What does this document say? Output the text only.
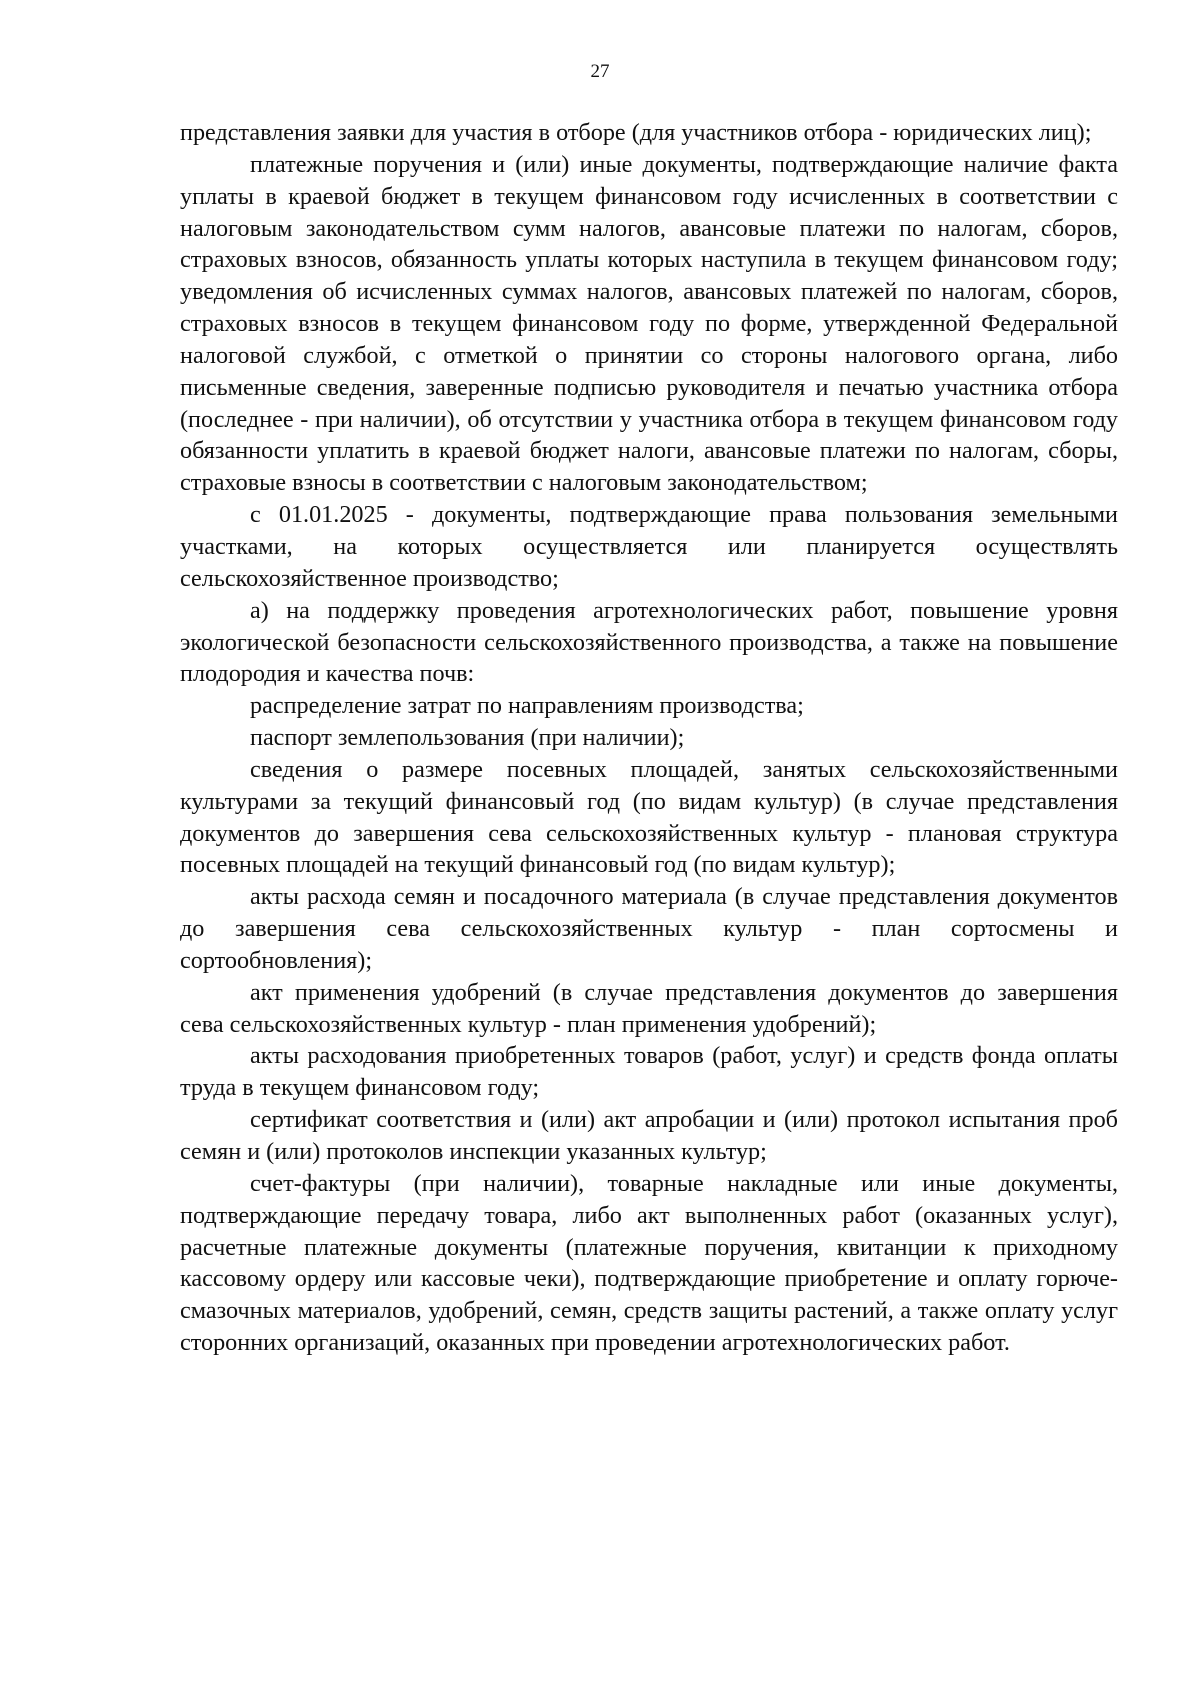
27

представления заявки для участия в отборе (для участников отбора - юридических лиц);

платежные поручения и (или) иные документы, подтверждающие наличие факта уплаты в краевой бюджет в текущем финансовом году исчисленных в соответствии с налоговым законодательством сумм налогов, авансовые платежи по налогам, сборов, страховых взносов, обязанность уплаты которых наступила в текущем финансовом году; уведомления об исчисленных суммах налогов, авансовых платежей по налогам, сборов, страховых взносов в текущем финансовом году по форме, утвержденной Федеральной налоговой службой, с отметкой о принятии со стороны налогового органа, либо письменные сведения, заверенные подписью руководителя и печатью участника отбора (последнее - при наличии), об отсутствии у участника отбора в текущем финансовом году обязанности уплатить в краевой бюджет налоги, авансовые платежи по налогам, сборы, страховые взносы в соответствии с налоговым законодательством;

с 01.01.2025 - документы, подтверждающие права пользования земельными участками, на которых осуществляется или планируется осуществлять сельскохозяйственное производство;

а) на поддержку проведения агротехнологических работ, повышение уровня экологической безопасности сельскохозяйственного производства, а также на повышение плодородия и качества почв:

распределение затрат по направлениям производства;

паспорт землепользования (при наличии);

сведения о размере посевных площадей, занятых сельскохозяйственными культурами за текущий финансовый год (по видам культур) (в случае представления документов до завершения сева сельскохозяйственных культур - плановая структура посевных площадей на текущий финансовый год (по видам культур);

акты расхода семян и посадочного материала (в случае представления документов до завершения сева сельскохозяйственных культур - план сортосмены и сортообновления);

акт применения удобрений (в случае представления документов до завершения сева сельскохозяйственных культур - план применения удобрений);

акты расходования приобретенных товаров (работ, услуг) и средств фонда оплаты труда в текущем финансовом году;

сертификат соответствия и (или) акт апробации и (или) протокол испытания проб семян и (или) протоколов инспекции указанных культур;

счет-фактуры (при наличии), товарные накладные или иные документы, подтверждающие передачу товара, либо акт выполненных работ (оказанных услуг), расчетные платежные документы (платежные поручения, квитанции к приходному кассовому ордеру или кассовые чеки), подтверждающие приобретение и оплату горюче-смазочных материалов, удобрений, семян, средств защиты растений, а также оплату услуг сторонних организаций, оказанных при проведении агротехнологических работ.
